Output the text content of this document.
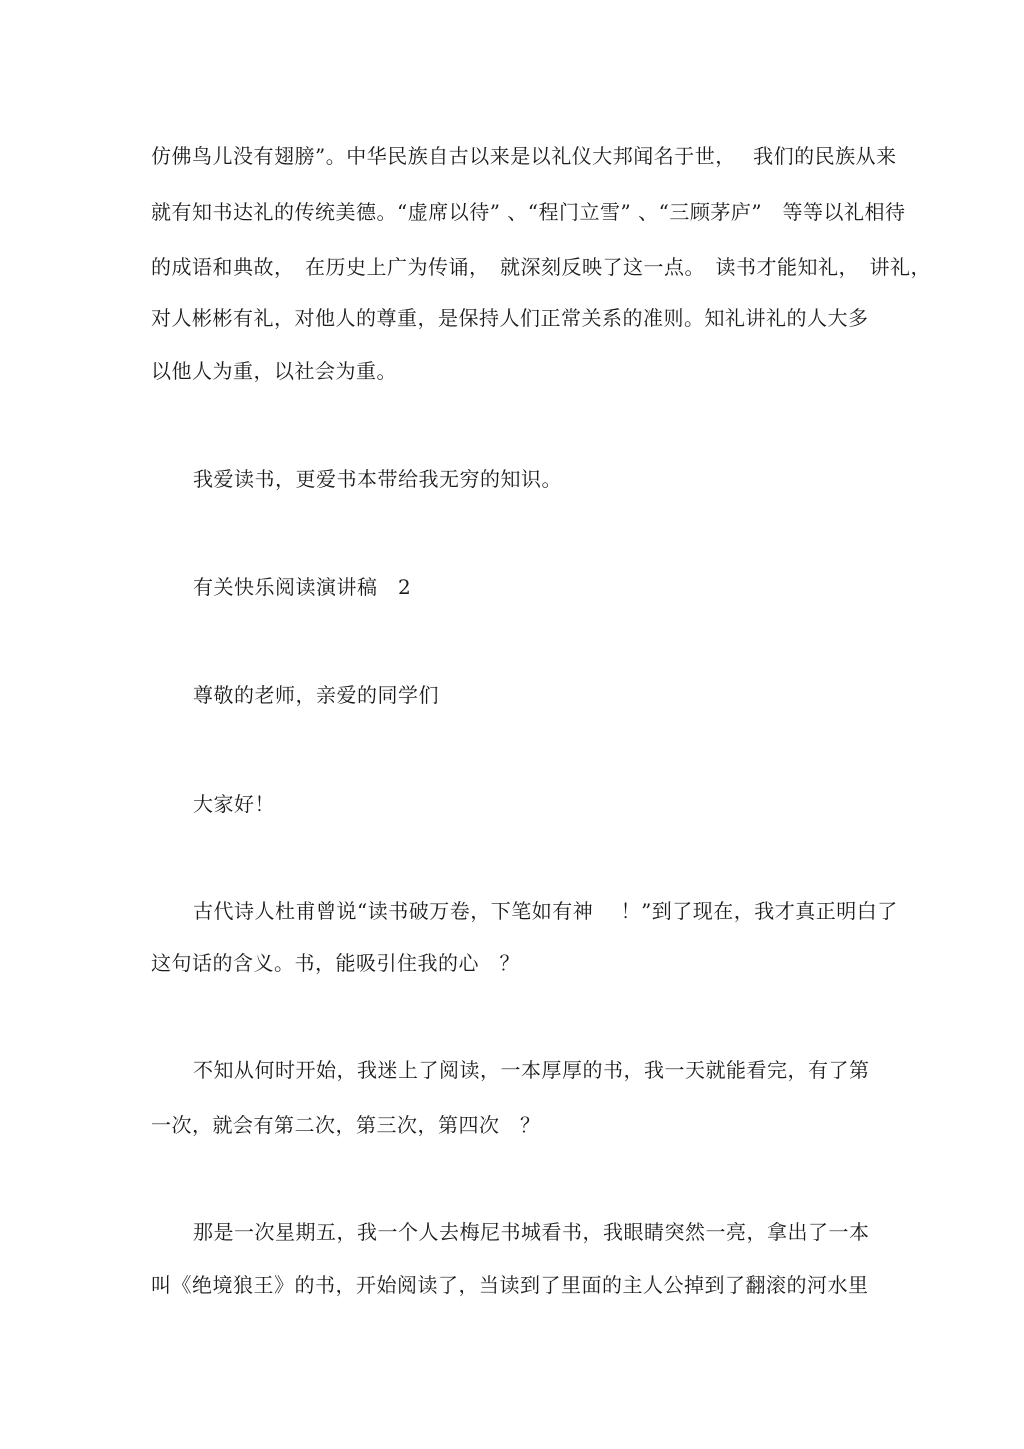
仿佛鸟儿没有翅膀”。中华民族自古以来是以礼仪大邦闻名于世，　 我们的民族从来
就有知书达礼的传统美德。“虚席以待” 、“程门立雪” 、“三顾茅庐”　等等以礼相待
的成语和典故，　在历史上广为传诵，　就深刻反映了这一点。　读书才能知礼，　讲礼，
对人彬彬有礼，对他人的尊重，是保持人们正常关系的准则。知礼讲礼的人大多
以他人为重，以社会为重。
我爱读书，更爱书本带给我无穷的知识。
有关快乐阅读演讲稿　2
尊敬的老师，亲爱的同学们
大家好！
古代诗人杜甫曾说“读书破万卷，下笔如有神　 ！”到了现在，我才真正明白了
这句话的含义。书，能吸引住我的心　？
不知从何时开始，我迷上了阅读，一本厚厚的书，我一天就能看完，有了第
一次，就会有第二次，第三次，第四次　？
那是一次星期五，我一个人去梅尼书城看书，我眼睛突然一亮，拿出了一本
叫《绝境狼王》的书，开始阅读了，当读到了里面的主人公掉到了翻滚的河水里
